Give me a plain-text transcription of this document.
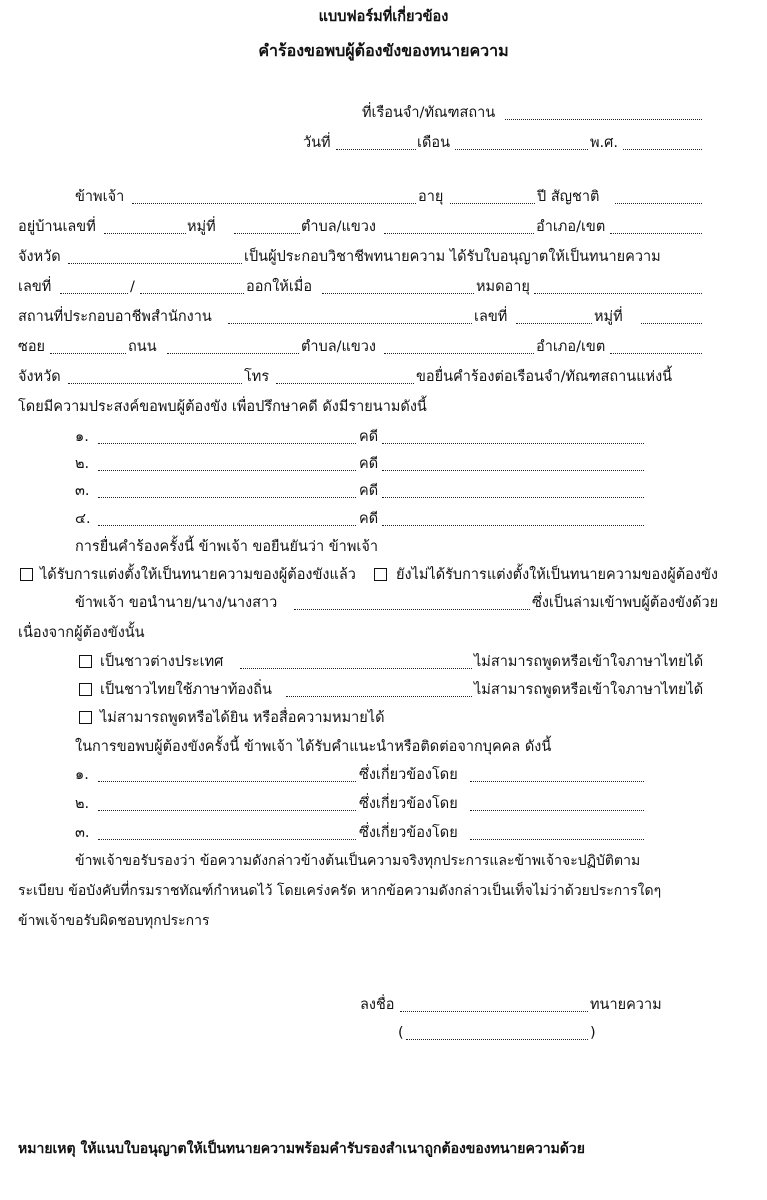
แบบฟอร์มที่เกี่ยวข้อง
คำร้องขอพบผู้ต้องขังของทนายความ
ที่เรือนจำ/ทัณฑสถาน
วันที่	เดือน	พ.ศ.
ข้าพเจ้า	อายุ	ปี สัญชาติ
อยู่บ้านเลขที่	หมู่ที่	ตำบล/แขวง	อำเภอ/เขต
จังหวัด	เป็นผู้ประกอบวิชาชีพทนายความ ได้รับใบอนุญาตให้เป็นทนายความ
เลขที่	/	ออกให้เมื่อ	หมดอายุ
สถานที่ประกอบอาชีพสำนักงาน	เลขที่	หมู่ที่
ซอย	ถนน	ตำบล/แขวง	อำเภอ/เขต
จังหวัด	โทร	ขอยื่นคำร้องต่อเรือนจำ/ทัณฑสถานแห่งนี้
โดยมีความประสงค์ขอพบผู้ต้องขัง เพื่อปรึกษาคดี ดังมีรายนามดังนี้
๑.	คดี
๒.	คดี
๓.	คดี
๔.	คดี
การยื่นคำร้องครั้งนี้ ข้าพเจ้า ขอยืนยันว่า ข้าพเจ้า
ได้รับการแต่งตั้งให้เป็นทนายความของผู้ต้องขังแล้ว	ยังไม่ได้รับการแต่งตั้งให้เป็นทนายความของผู้ต้องขัง
ข้าพเจ้า ขอนำนาย/นาง/นางสาว	ซึ่งเป็นล่ามเข้าพบผู้ต้องขังด้วย
เนื่องจากผู้ต้องขังนั้น
เป็นชาวต่างประเทศ	ไม่สามารถพูดหรือเข้าใจภาษาไทยได้
เป็นชาวไทยใช้ภาษาท้องถิ่น	ไม่สามารถพูดหรือเข้าใจภาษาไทยได้
ไม่สามารถพูดหรือได้ยิน หรือสื่อความหมายได้
ในการขอพบผู้ต้องขังครั้งนี้ ข้าพเจ้า ได้รับคำแนะนำหรือติดต่อจากบุคคล ดังนี้
๑.	ซึ่งเกี่ยวข้องโดย
๒.	ซึ่งเกี่ยวข้องโดย
๓.	ซึ่งเกี่ยวข้องโดย
ข้าพเจ้าขอรับรองว่า ข้อความดังกล่าวข้างต้นเป็นความจริงทุกประการและข้าพเจ้าจะปฏิบัติตาม
ระเบียบ ข้อบังคับที่กรมราชทัณฑ์กำหนดไว้ โดยเคร่งครัด หากข้อความดังกล่าวเป็นเท็จไม่ว่าด้วยประการใดๆ
ข้าพเจ้าขอรับผิดชอบทุกประการ
ลงชื่อ	ทนายความ
(	)
หมายเหตุ ให้แนบใบอนุญาตให้เป็นทนายความพร้อมคำรับรองสำเนาถูกต้องของทนายความด้วย
